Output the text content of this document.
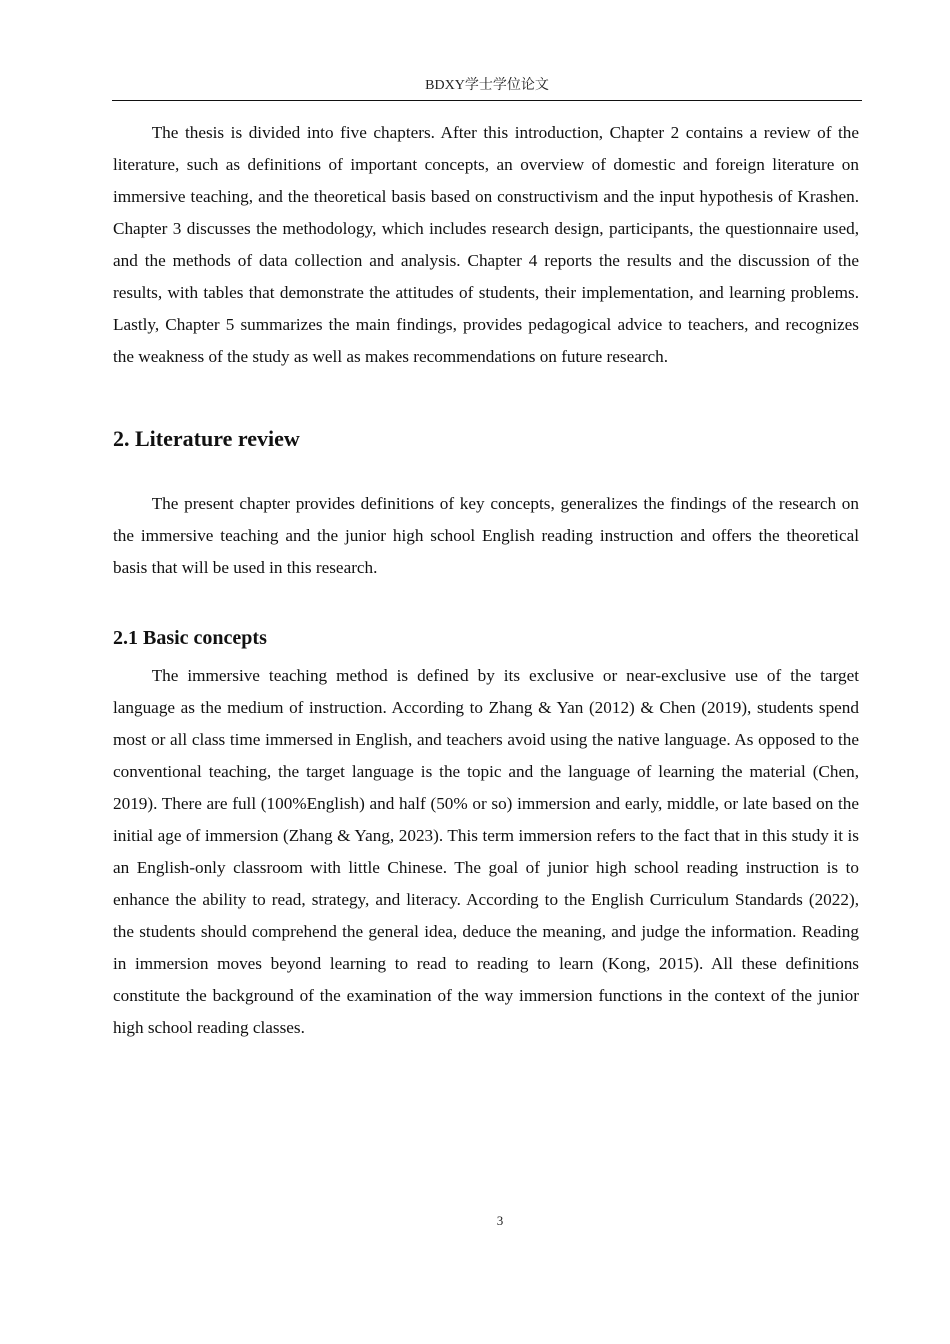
BDXY学士学位论文

The thesis is divided into five chapters. After this introduction, Chapter 2 contains a review of the literature, such as definitions of important concepts, an overview of domestic and foreign literature on immersive teaching, and the theoretical basis based on constructivism and the input hypothesis of Krashen. Chapter 3 discusses the methodology, which includes research design, participants, the questionnaire used, and the methods of data collection and analysis. Chapter 4 reports the results and the discussion of the results, with tables that demonstrate the attitudes of students, their implementation, and learning problems. Lastly, Chapter 5 summarizes the main findings, provides pedagogical advice to teachers, and recognizes the weakness of the study as well as makes recommendations on future research.

2. Literature review

The present chapter provides definitions of key concepts, generalizes the findings of the research on the immersive teaching and the junior high school English reading instruction and offers the theoretical basis that will be used in this research.

2.1 Basic concepts

The immersive teaching method is defined by its exclusive or near-exclusive use of the target language as the medium of instruction. According to Zhang & Yan (2012) & Chen (2019), students spend most or all class time immersed in English, and teachers avoid using the native language. As opposed to the conventional teaching, the target language is the topic and the language of learning the material (Chen, 2019). There are full (100%English) and half (50% or so) immersion and early, middle, or late based on the initial age of immersion (Zhang & Yang, 2023). This term immersion refers to the fact that in this study it is an English-only classroom with little Chinese. The goal of junior high school reading instruction is to enhance the ability to read, strategy, and literacy. According to the English Curriculum Standards (2022), the students should comprehend the general idea, deduce the meaning, and judge the information. Reading in immersion moves beyond learning to read to reading to learn (Kong, 2015). All these definitions constitute the background of the examination of the way immersion functions in the context of the junior high school reading classes.

3
